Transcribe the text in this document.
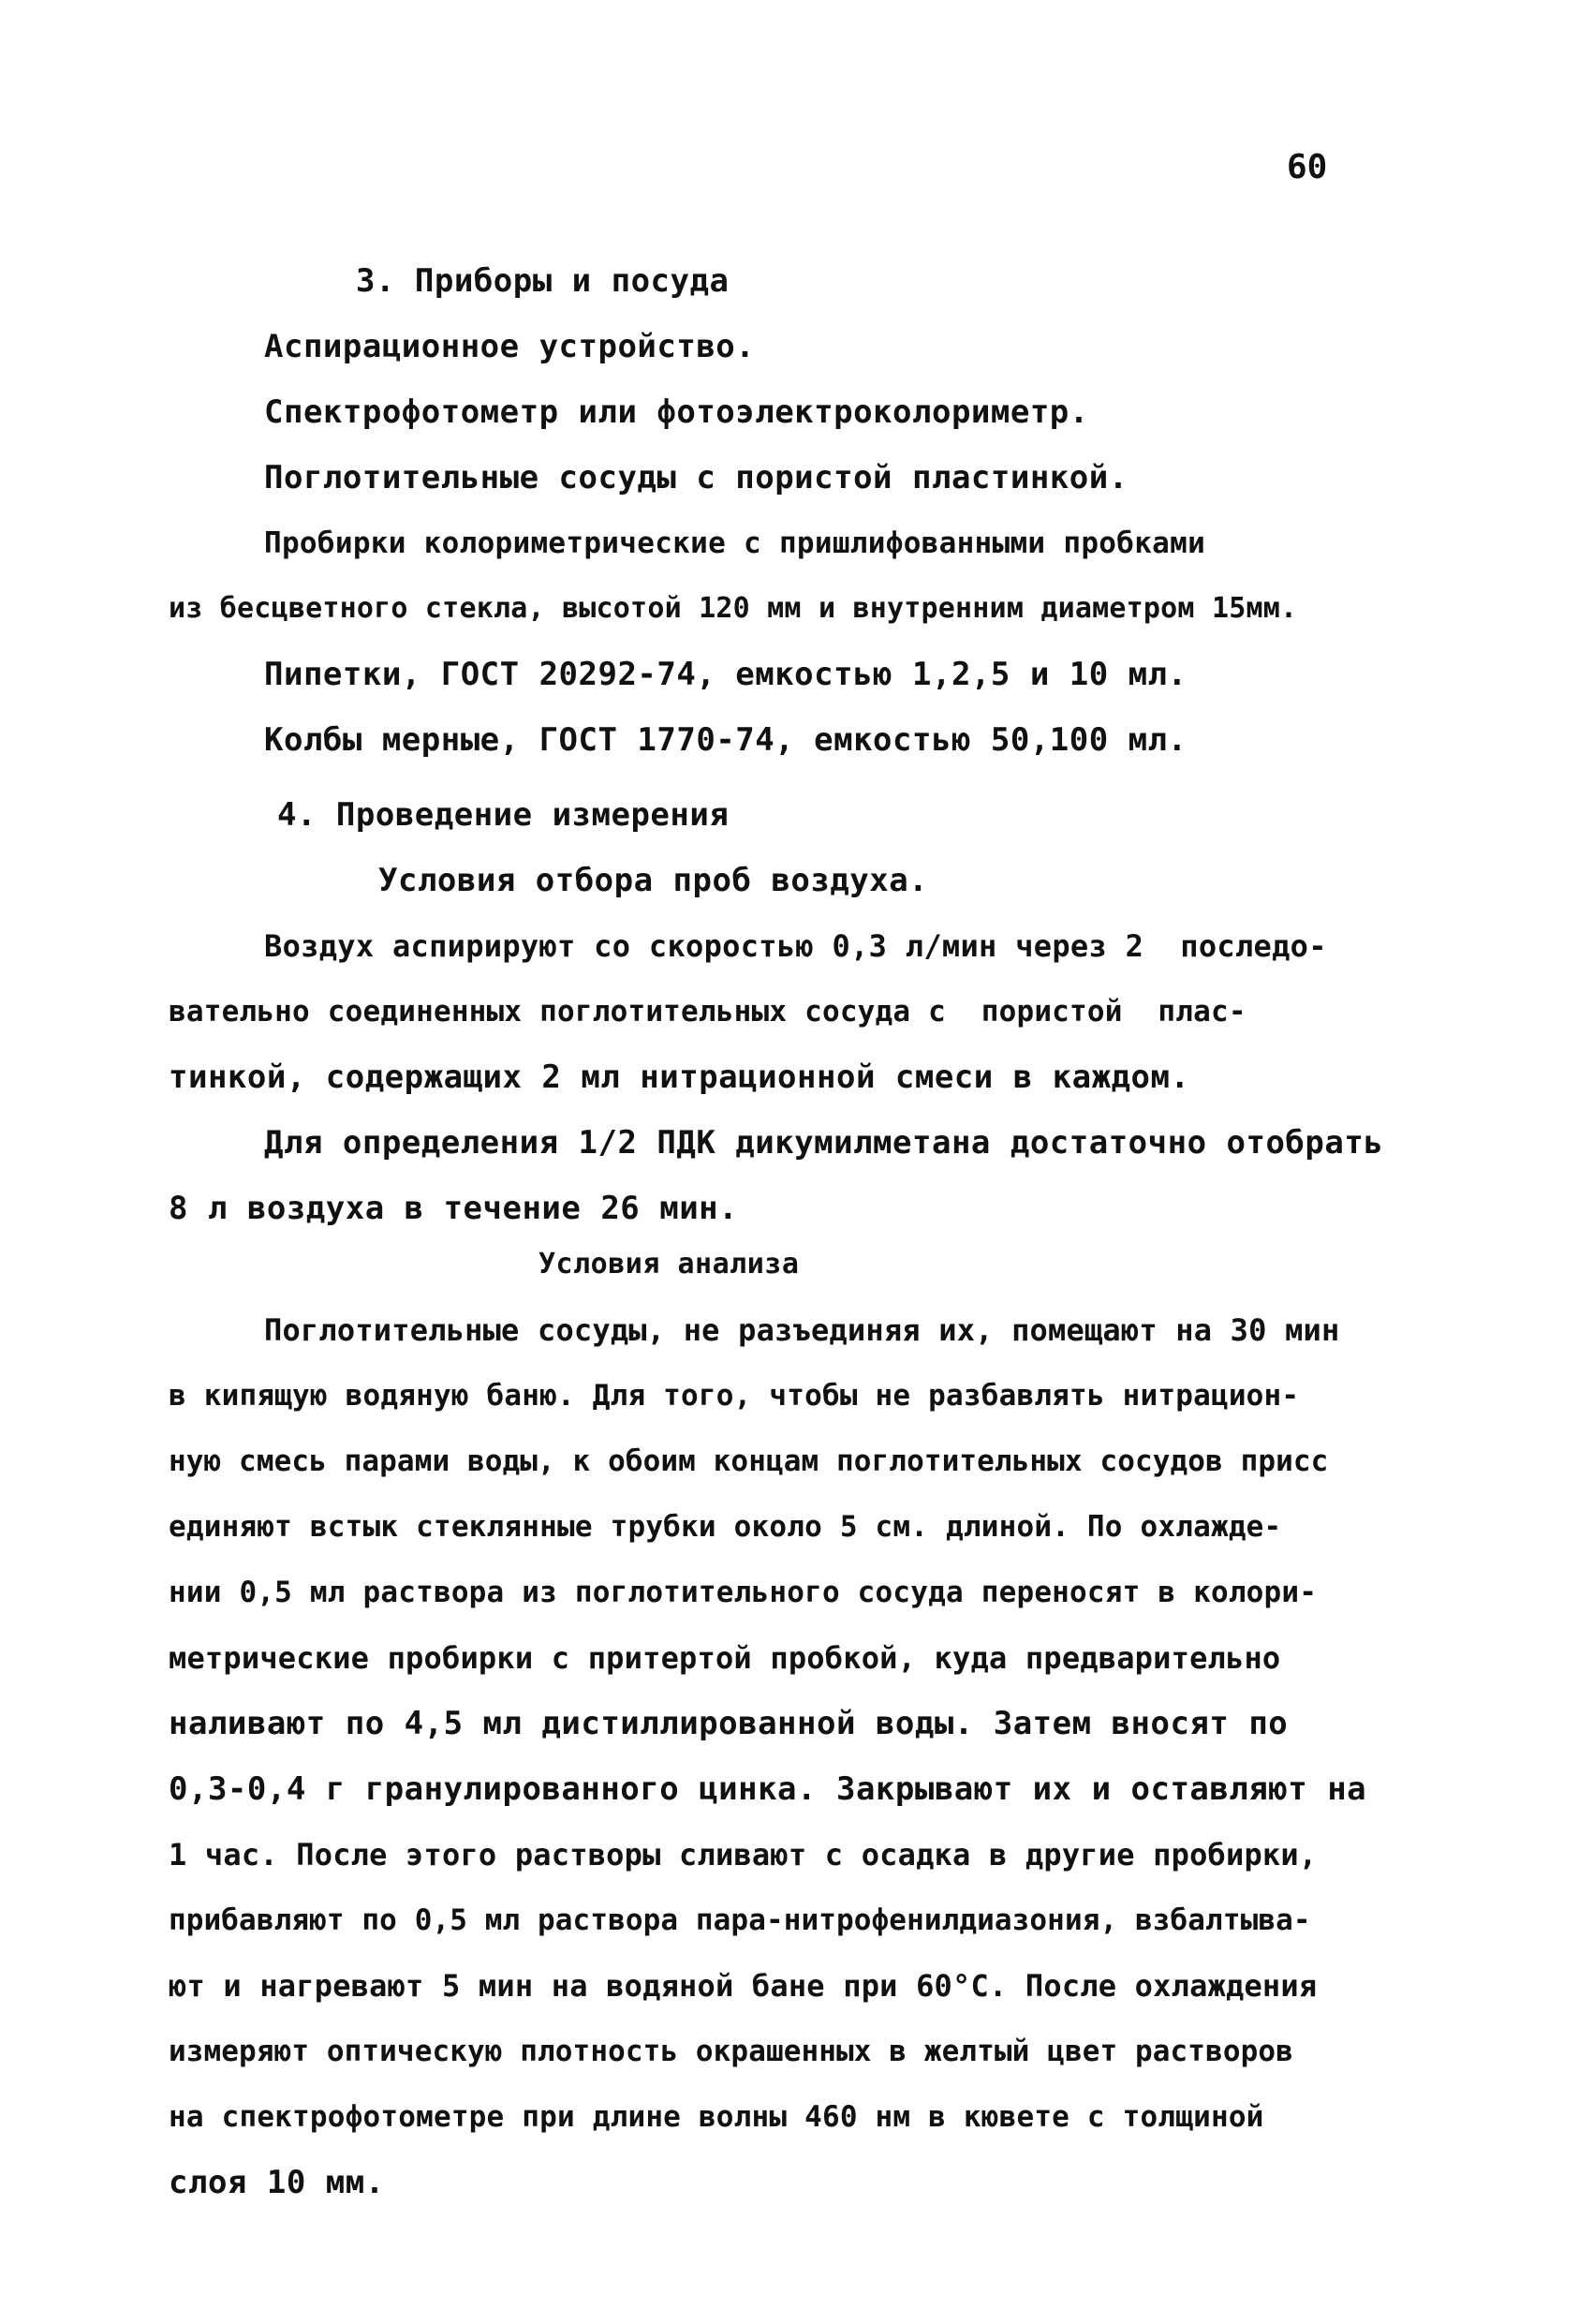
60
3. Приборы и посуда
Аспирационное устройство.
Спектрофотометр или фотоэлектроколориметр.
Поглотительные сосуды с пористой пластинкой.
Пробирки колориметрические с пришлифованными пробками
из бесцветного стекла, высотой 120 мм и внутренним диаметром 15мм.
Пипетки, ГОСТ 20292-74, емкостью 1,2,5 и 10 мл.
Колбы мерные, ГОСТ 1770-74, емкостью 50,100 мл.
4. Проведение измерения
Условия отбора проб воздуха.
Воздух аспирируют со скоростью 0,3 л/мин через 2  последо-
вательно соединенных поглотительных сосуда с  пористой  плас-
тинкой, содержащих 2 мл нитрационной смеси в каждом.
Для определения 1/2 ПДК дикумилметана достаточно отобрать
8 л воздуха в течение 26 мин.
Условия анализа
Поглотительные сосуды, не разъединяя их, помещают на 30 мин
в кипящую водяную баню. Для того, чтобы не разбавлять нитрацион-
ную смесь парами воды, к обоим концам поглотительных сосудов присс
единяют встык стеклянные трубки около 5 см. длиной. По охлажде-
нии 0,5 мл раствора из поглотительного сосуда переносят в колори-
метрические пробирки с притертой пробкой, куда предварительно
наливают по 4,5 мл дистиллированной воды. Затем вносят по
0,3-0,4 г гранулированного цинка. Закрывают их и оставляют на
1 час. После этого растворы сливают с осадка в другие пробирки,
прибавляют по 0,5 мл раствора пара-нитрофенилдиазония, взбалтыва-
ют и нагревают 5 мин на водяной бане при 60°С. После охлаждения
измеряют оптическую плотность окрашенных в желтый цвет растворов
на спектрофотометре при длине волны 460 нм в кювете с толщиной
слоя 10 мм.
